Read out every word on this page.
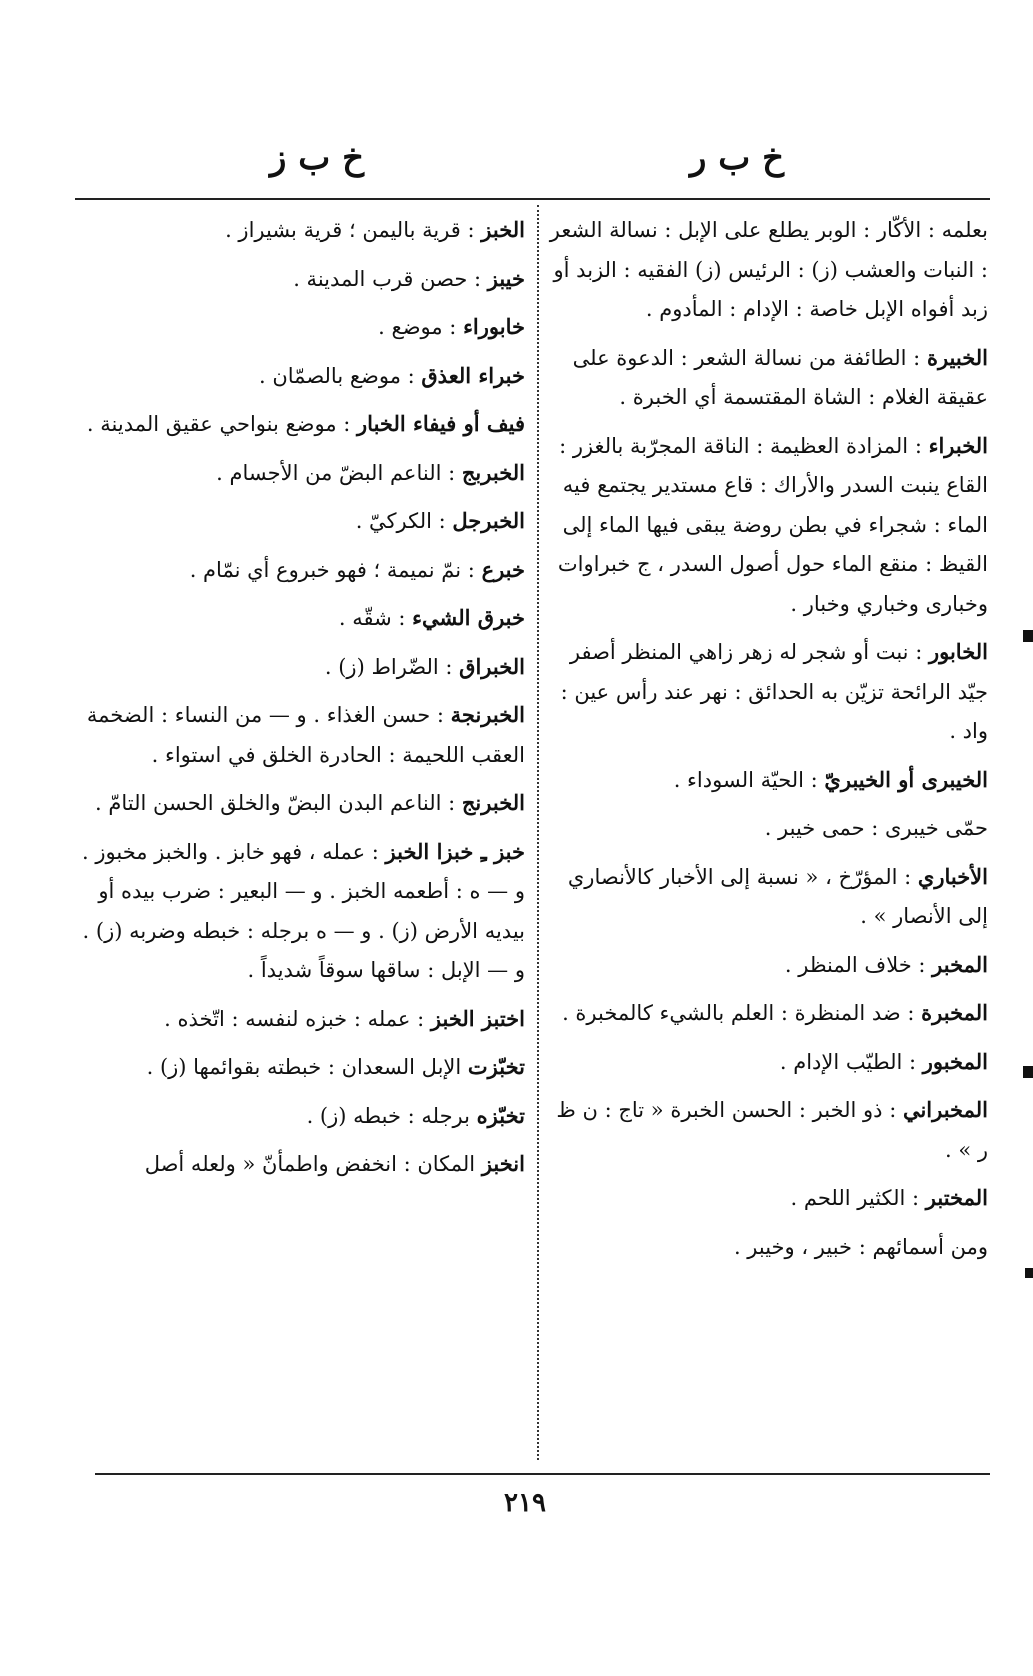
خ ب ز	خ ب ر

بعلمه : الأكّار : الوبر يطلع على الإبل : نسالة الشعر : النبات والعشب (ز) : الرئيس (ز) الفقيه : الزبد أو زبد أفواه الإبل خاصة : الإدام : المأدوم .

الخبيرة : الطائفة من نسالة الشعر : الدعوة على عقيقة الغلام : الشاة المقتسمة أي الخبرة .

الخبراء : المزادة العظيمة : الناقة المجرّبة بالغزر : القاع ينبت السدر والأراك : قاع مستدير يجتمع فيه الماء : شجراء في بطن روضة يبقى فيها الماء إلى القيظ : منقع الماء حول أصول السدر ، ج خبراوات وخبارى وخباري وخبار .

الخابور : نبت أو شجر له زهر زاهي المنظر أصفر جيّد الرائحة تزيّن به الحدائق : نهر عند رأس عين : واد .

الخيبرى أو الخيبريّ : الحيّة السوداء .

حمّى خيبرى : حمى خيبر .

الأخباري : المؤرّخ ، « نسبة إلى الأخبار كالأنصاري إلى الأنصار » .

المخبر : خلاف المنظر .

المخبرة : ضد المنظرة : العلم بالشيء كالمخبرة .

المخبور : الطيّب الإدام .

المخبراني : ذو الخبر : الحسن الخبرة « تاج : ن ظ ر » .

المختبر : الكثير اللحم .

ومن أسمائهم : خبير ، وخيبر .

الخبز : قرية باليمن ؛ قرية بشيراز .

خيبز : حصن قرب المدينة .

خابوراء : موضع .

خبراء العذق : موضع بالصمّان .

فيف أو فيفاء الخبار : موضع بنواحي عقيق المدينة .

الخبربج : الناعم البضّ من الأجسام .

الخبرجل : الكركيّ .

خبرع : نمّ نميمة ؛ فهو خبروع أي نمّام .

خبرق الشيء : شقّه .

الخبراق : الضّراط (ز) .

الخبرنجة : حسن الغذاء . و — من النساء : الضخمة العقب اللحيمة : الحادرة الخلق في استواء .

الخبرنج : الناعم البدن البضّ والخلق الحسن التامّ .

خبز ـِ خبزا الخبز : عمله ، فهو خابز . والخبز مخبوز . و — ه : أطعمه الخبز . و — البعير : ضرب بيده أو بيديه الأرض (ز) . و — ه برجله : خبطه وضربه (ز) . و — الإبل : ساقها سوقاً شديداً .

اختبز الخبز : عمله : خبزه لنفسه : اتّخذه .

تخبّزت الإبل السعدان : خبطته بقوائمها (ز) .

تخبّزه برجله : خبطه (ز) .

انخبز المكان : انخفض واطمأنّ « ولعله أصل

٢١٩
